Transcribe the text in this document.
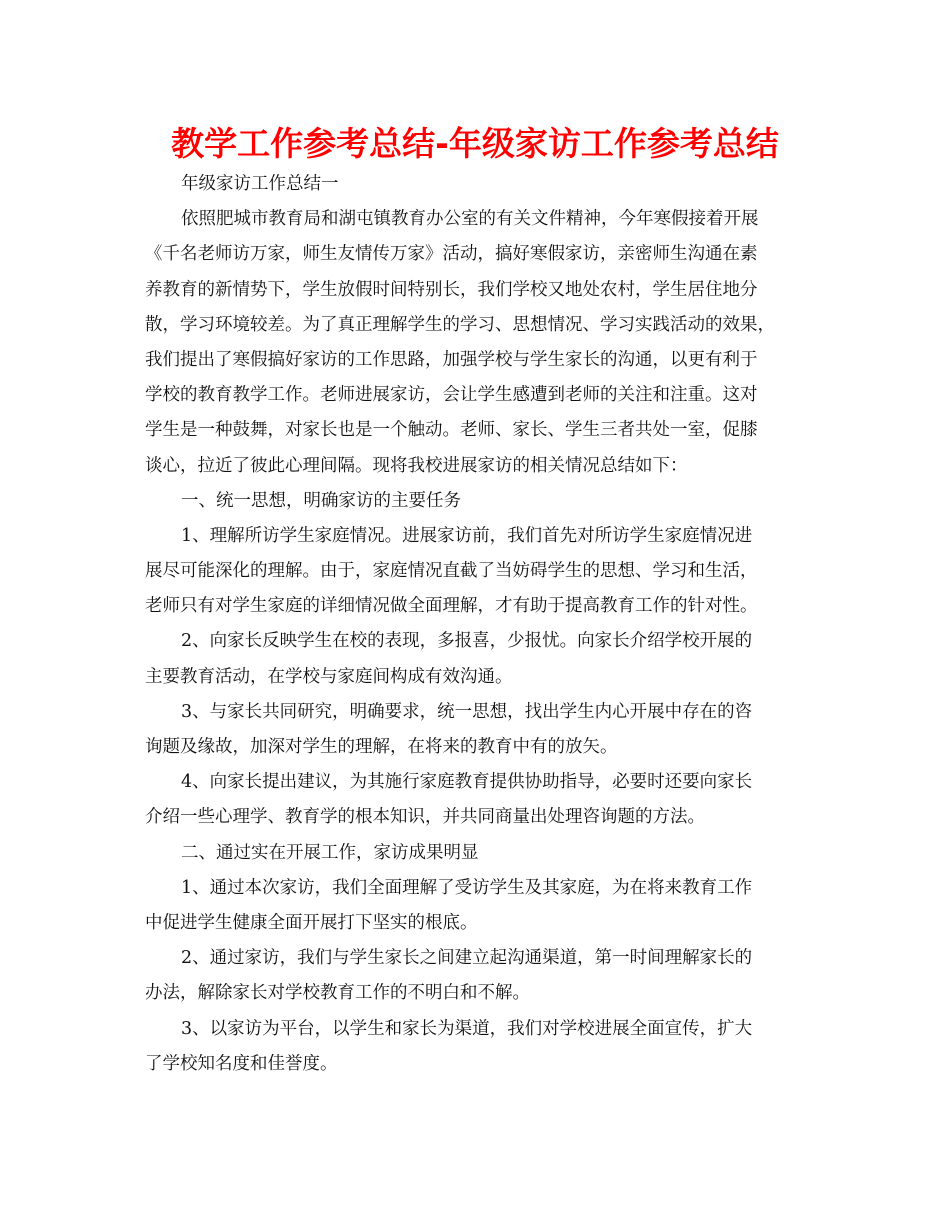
教学工作参考总结-年级家访工作参考总结
年级家访工作总结一
依照肥城市教育局和湖屯镇教育办公室的有关文件精神，今年寒假接着开展
《千名老师访万家，师生友情传万家》活动，搞好寒假家访，亲密师生沟通在素
养教育的新情势下，学生放假时间特别长，我们学校又地处农村，学生居住地分
散，学习环境较差。为了真正理解学生的学习、思想情况、学习实践活动的效果，
我们提出了寒假搞好家访的工作思路，加强学校与学生家长的沟通，以更有利于
学校的教育教学工作。老师进展家访，会让学生感遭到老师的关注和注重。这对
学生是一种鼓舞，对家长也是一个触动。老师、家长、学生三者共处一室，促膝
谈心，拉近了彼此心理间隔。现将我校进展家访的相关情况总结如下：
一、统一思想，明确家访的主要任务
1、理解所访学生家庭情况。进展家访前，我们首先对所访学生家庭情况进
展尽可能深化的理解。由于，家庭情况直截了当妨碍学生的思想、学习和生活，
老师只有对学生家庭的详细情况做全面理解，才有助于提高教育工作的针对性。
2、向家长反映学生在校的表现，多报喜，少报忧。向家长介绍学校开展的
主要教育活动，在学校与家庭间构成有效沟通。
3、与家长共同研究，明确要求，统一思想，找出学生内心开展中存在的咨
询题及缘故，加深对学生的理解，在将来的教育中有的放矢。
4、向家长提出建议，为其施行家庭教育提供协助指导，必要时还要向家长
介绍一些心理学、教育学的根本知识，并共同商量出处理咨询题的方法。
二、通过实在开展工作，家访成果明显
1、通过本次家访，我们全面理解了受访学生及其家庭，为在将来教育工作
中促进学生健康全面开展打下坚实的根底。
2、通过家访，我们与学生家长之间建立起沟通渠道，第一时间理解家长的
办法，解除家长对学校教育工作的不明白和不解。
3、以家访为平台，以学生和家长为渠道，我们对学校进展全面宣传，扩大
了学校知名度和佳誉度。
